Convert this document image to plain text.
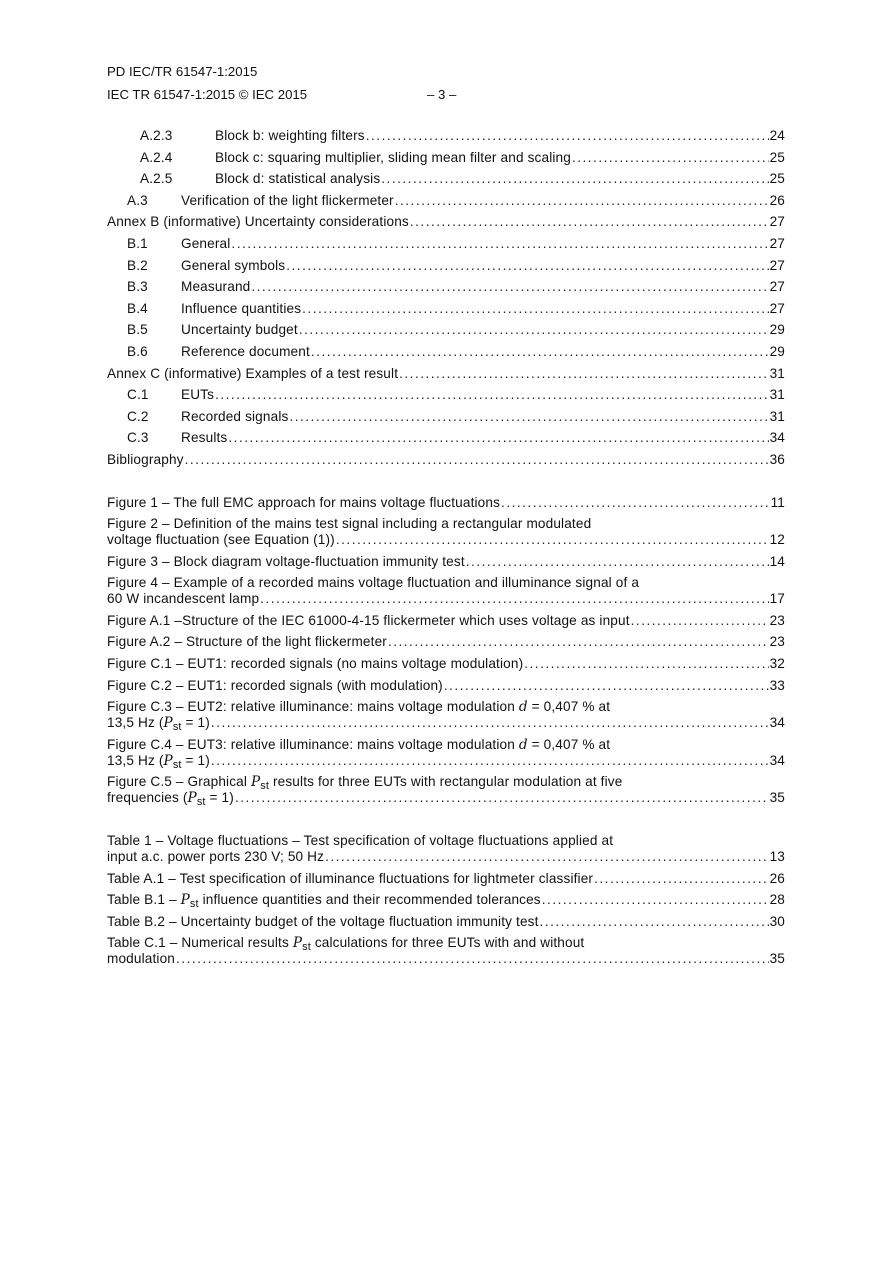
PD IEC/TR 61547-1:2015
IEC TR 61547-1:2015 © IEC 2015	– 3 –
A.2.3	Block b: weighting filters .....	24
A.2.4	Block c: squaring multiplier, sliding mean filter and scaling .....	25
A.2.5	Block d: statistical analysis .....	25
A.3	Verification of the light flickermeter .....	26
Annex B (informative) Uncertainty considerations .....	27
B.1	General .....	27
B.2	General symbols .....	27
B.3	Measurand .....	27
B.4	Influence quantities .....	27
B.5	Uncertainty budget .....	29
B.6	Reference document .....	29
Annex C (informative) Examples of a test result .....	31
C.1	EUTs .....	31
C.2	Recorded signals .....	31
C.3	Results .....	34
Bibliography .....	36
Figure 1 – The full EMC approach for mains voltage fluctuations .....	11
Figure 2 – Definition of the mains test signal including a rectangular modulated
voltage fluctuation (see Equation (1)) .....	12
Figure 3 – Block diagram voltage-fluctuation immunity test .....	14
Figure 4 – Example of a recorded mains voltage fluctuation and illuminance signal of a
60 W incandescent lamp .....	17
Figure A.1 –Structure of the IEC 61000-4-15 flickermeter which uses voltage as input .....	23
Figure A.2 – Structure of the light flickermeter .....	23
Figure C.1 – EUT1: recorded signals (no mains voltage modulation) .....	32
Figure C.2 – EUT1: recorded signals (with modulation) .....	33
Figure C.3 – EUT2: relative illuminance: mains voltage modulation d = 0,407 % at
13,5 Hz $(P_{st} = 1)$ .....	34
Figure C.4 – EUT3: relative illuminance: mains voltage modulation d = 0,407 % at
13,5 Hz $(P_{st} = 1)$ .....	34
Figure C.5 – Graphical $P_{st}$ results for three EUTs with rectangular modulation at five
frequencies $(P_{st} = 1)$ .....	35
Table 1 – Voltage fluctuations – Test specification of voltage fluctuations applied at
input a.c. power ports 230 V; 50 Hz .....	13
Table A.1 – Test specification of illuminance fluctuations for lightmeter classifier .....	26
Table $B.1 - P_{st}$ influence quantities and their recommended tolerances .....	28
Table B.2 – Uncertainty budget of the voltage fluctuation immunity test .....	30
Table C.1 – Numerical results $P_{st}$ calculations for three EUTs with and without
modulation .....	35
